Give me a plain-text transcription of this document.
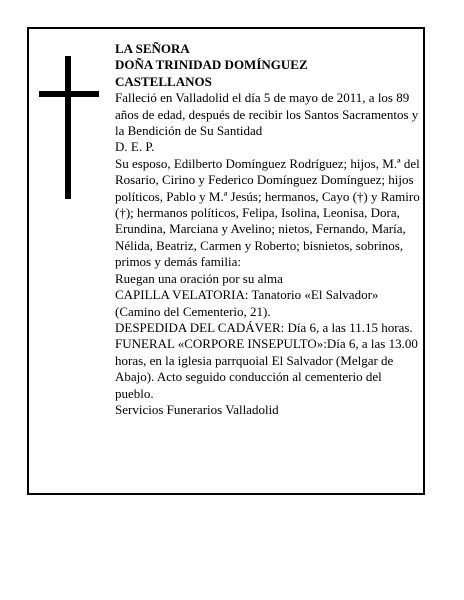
LA SEÑORA

DOÑA TRINIDAD DOMÍNGUEZ

CASTELLANOS

Falleció en Valladolid el día 5 de mayo de 2011, a los 89 años de edad, después de recibir los Santos Sacramentos y la Bendición de Su Santidad

D. E. P.

Su esposo, Edilberto Domínguez Rodríguez; hijos, M.ª del Rosario, Cirino y Federico Domínguez Domínguez; hijos políticos, Pablo y M.ª Jesús; hermanos, Cayo (†) y Ramiro (†); hermanos políticos, Felipa, Isolina, Leonisa, Dora, Erundina, Marciana y Avelino; nietos, Fernando, María, Nélida, Beatriz, Carmen y Roberto; bisnietos, sobrinos, primos y demás familia:

Ruegan una oración por su alma

CAPILLA VELATORIA: Tanatorio «El Salvador» (Camino del Cementerio, 21).

DESPEDIDA DEL CADÁVER: Día 6, a las 11.15 horas.

FUNERAL «CORPORE INSEPULTO»:Día 6, a las 13.00 horas, en la iglesia parrquoial El Salvador (Melgar de Abajo). Acto seguido conducción al cementerio del pueblo.

Servicios Funerarios Valladolid
